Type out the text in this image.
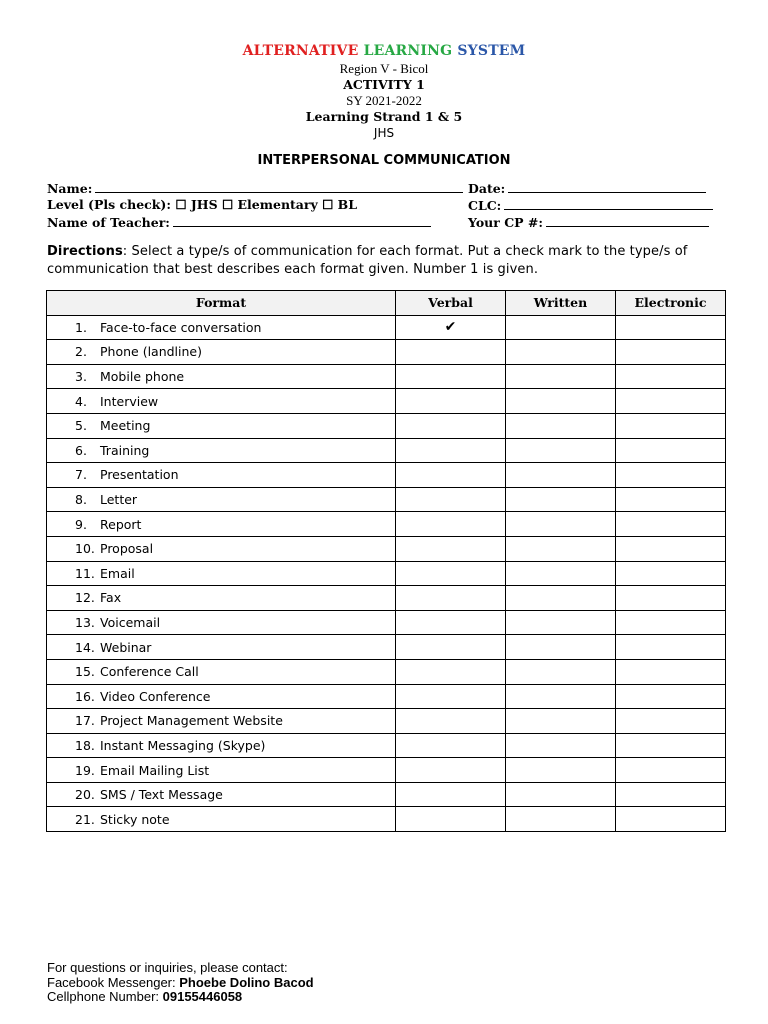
ALTERNATIVE LEARNING SYSTEM
Region V - Bicol
ACTIVITY 1
SY 2021-2022
Learning Strand 1 & 5
JHS
INTERPERSONAL COMMUNICATION
Name:	Date:
Level (Pls check): ☐ JHS ☐ Elementary ☐ BL	CLC:
Name of Teacher:	Your CP #:
Directions: Select a type/s of communication for each format. Put a check mark to the type/s of communication that best describes each format given. Number 1 is given.
Format	Verbal	Written	Electronic
1. Face-to-face conversation	✔		
2. Phone (landline)			
3. Mobile phone			
4. Interview			
5. Meeting			
6. Training			
7. Presentation			
8. Letter			
9. Report			
10. Proposal			
11. Email			
12. Fax			
13. Voicemail			
14. Webinar			
15. Conference Call			
16. Video Conference			
17. Project Management Website			
18. Instant Messaging (Skype)			
19. Email Mailing List			
20. SMS / Text Message			
21. Sticky note			
For questions or inquiries, please contact:
Facebook Messenger: Phoebe Dolino Bacod
Cellphone Number: 09155446058
